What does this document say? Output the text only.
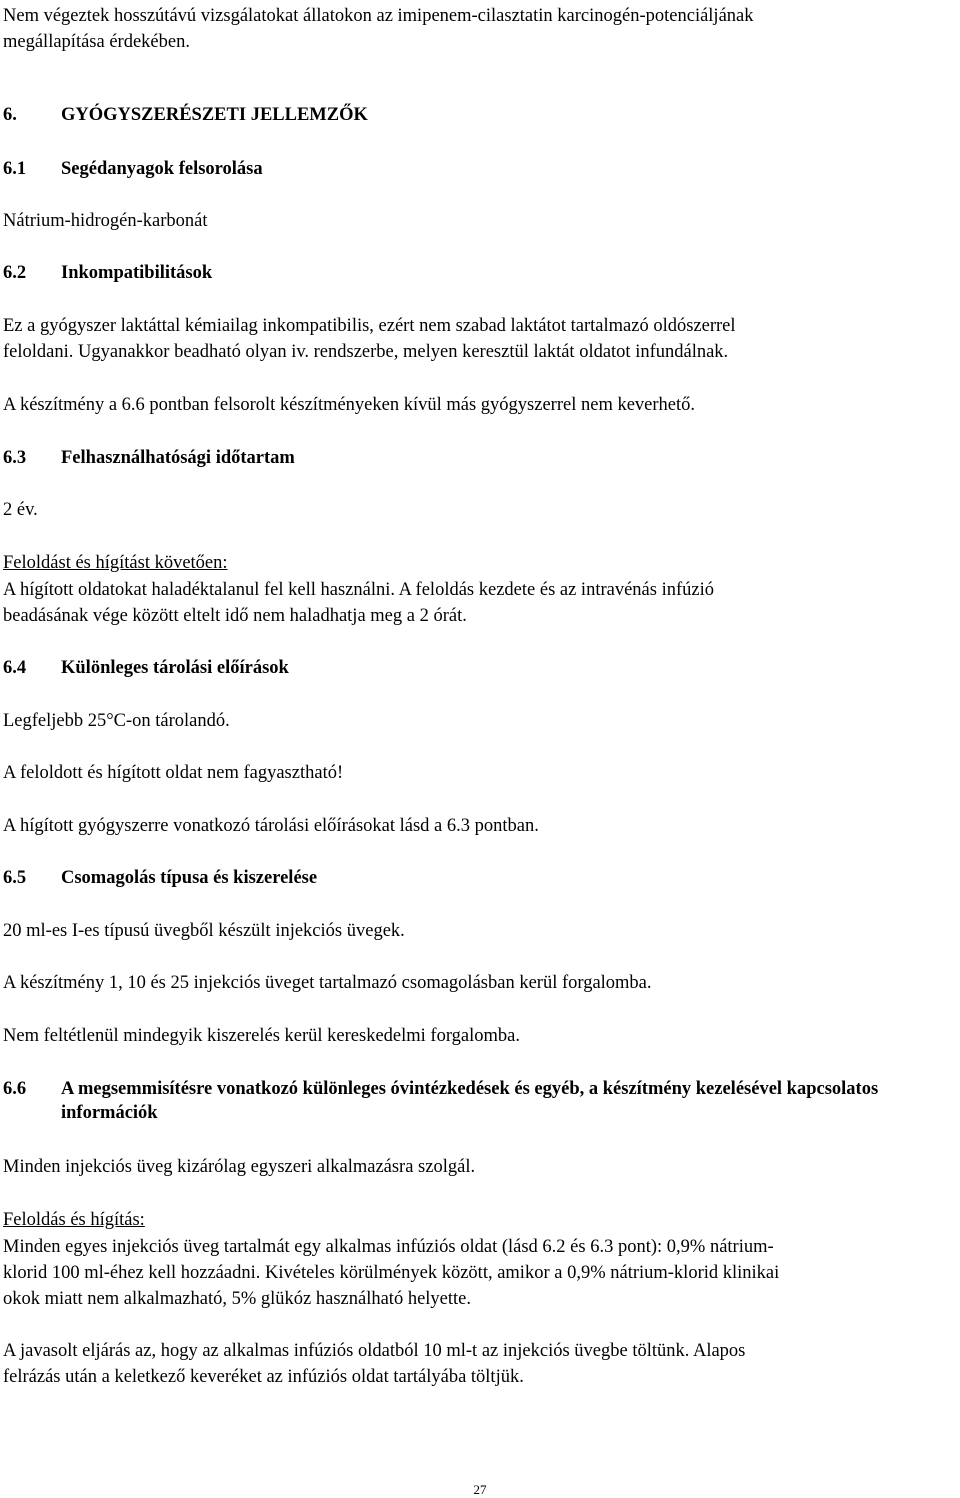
Nem végeztek hosszútávú vizsgálatokat állatokon az imipenem-cilasztatin karcinogén-potenciáljának
megállapítása érdekében.
6. GYÓGYSZERÉSZETI JELLEMZŐK
6.1 Segédanyagok felsorolása
Nátrium-hidrogén-karbonát
6.2 Inkompatibilitások
Ez a gyógyszer laktáttal kémiailag inkompatibilis, ezért nem szabad laktátot tartalmazó oldószerrel
feloldani. Ugyanakkor beadható olyan iv. rendszerbe, melyen keresztül laktát oldatot infundálnak.
A készítmény a 6.6 pontban felsorolt készítményeken kívül más gyógyszerrel nem keverhető.
6.3 Felhasználhatósági időtartam
2 év.
Feloldást és hígítást követően:
A hígított oldatokat haladéktalanul fel kell használni. A feloldás kezdete és az intravénás infúzió
beadásának vége között eltelt idő nem haladhatja meg a 2 órát.
6.4 Különleges tárolási előírások
Legfeljebb 25°C-on tárolandó.
A feloldott és hígított oldat nem fagyasztható!
A hígított gyógyszerre vonatkozó tárolási előírásokat lásd a 6.3 pontban.
6.5 Csomagolás típusa és kiszerelése
20 ml-es I-es típusú üvegből készült injekciós üvegek.
A készítmény 1, 10 és 25 injekciós üveget tartalmazó csomagolásban kerül forgalomba.
Nem feltétlenül mindegyik kiszerelés kerül kereskedelmi forgalomba.
6.6	A megsemmisítésre vonatkozó különleges óvintézkedések és egyéb, a készítmény kezelésével kapcsolatos információk
Minden injekciós üveg kizárólag egyszeri alkalmazásra szolgál.
Feloldás és hígítás:
Minden egyes injekciós üveg tartalmát egy alkalmas infúziós oldat (lásd 6.2 és 6.3 pont): 0,9% nátrium-
klorid 100 ml-éhez kell hozzáadni. Kivételes körülmények között, amikor a 0,9% nátrium-klorid klinikai
okok miatt nem alkalmazható, 5% glükóz használható helyette.
A javasolt eljárás az, hogy az alkalmas infúziós oldatból 10 ml-t az injekciós üvegbe töltünk. Alapos
felrázás után a keletkező keveréket az infúziós oldat tartályába töltjük.
27
